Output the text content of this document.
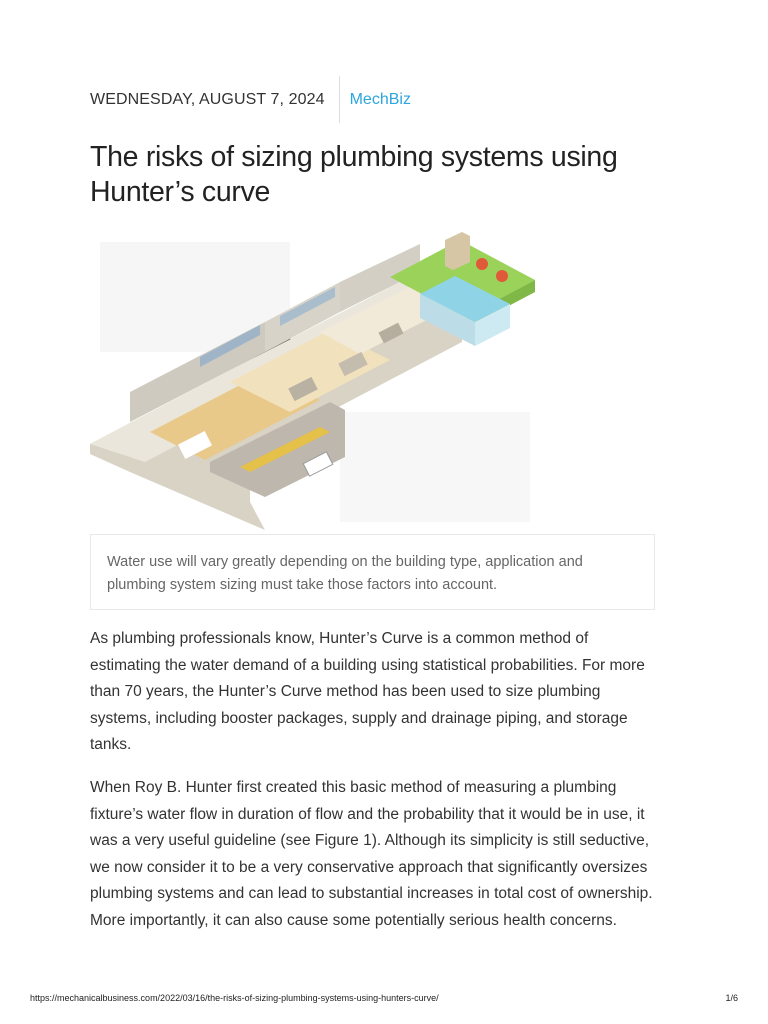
WEDNESDAY, AUGUST 7, 2024	MechBiz
The risks of sizing plumbing systems using Hunter’s curve

Water use will vary greatly depending on the building type, application and plumbing system sizing must take those factors into account.

As plumbing professionals know, Hunter’s Curve is a common method of estimating the water demand of a building using statistical probabilities. For more than 70 years, the Hunter’s Curve method has been used to size plumbing systems, including booster packages, supply and drainage piping, and storage tanks.

When Roy B. Hunter first created this basic method of measuring a plumbing fixture’s water flow in duration of flow and the probability that it would be in use, it was a very useful guideline (see Figure 1). Although its simplicity is still seductive, we now consider it to be a very conservative approach that significantly oversizes plumbing systems and can lead to substantial increases in total cost of ownership. More importantly, it can also cause some potentially serious health concerns.

https://mechanicalbusiness.com/2022/03/16/the-risks-of-sizing-plumbing-systems-using-hunters-curve/	1/6
